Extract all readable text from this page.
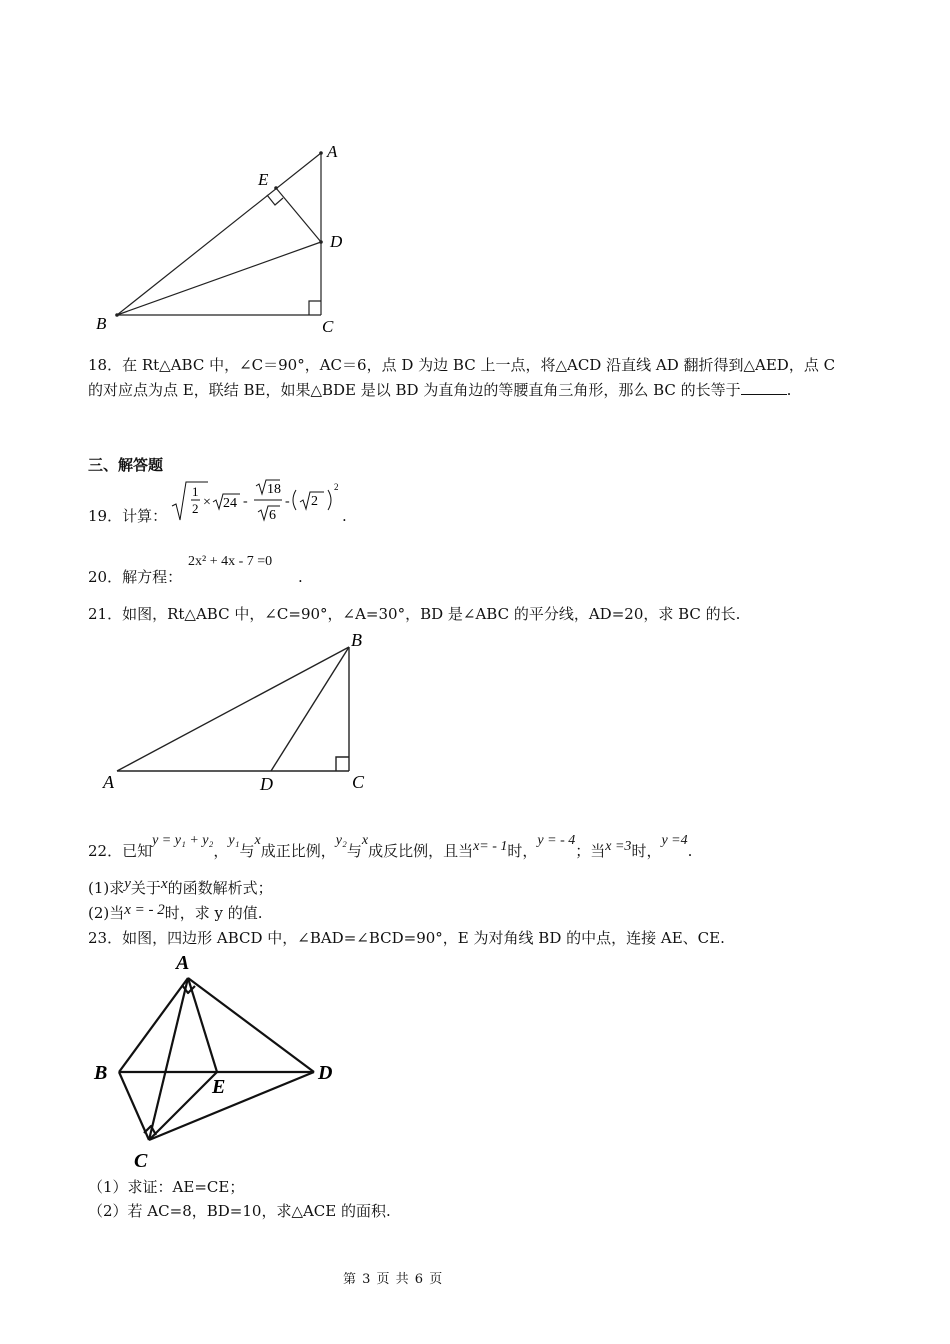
A
E
D
B	C
18．在 Rt△ABC 中，∠C＝90°，AC＝6，点 D 为边 BC 上一点，将△ACD 沿直线 AD 翻折得到△AED，点 C
的对应点为点 E，联结 BE，如果△BDE 是以 BD 为直角边的等腰直角三角形，那么 BC 的长等于	.
三、解答题
19．计算：
1
2 × 24 -
18
6
- 2
2
.
20．解方程：
2x² + 4x - 7 =0
.
21．如图，Rt△ABC 中，∠C=90°，∠A=30°，BD 是∠ABC 的平分线，AD=20，求 BC 的长.
B
A	D	C
22．已知y = y₁ + y₂，y₁与x成正比例，y₂与x成反比例，且当x= - 1时，y = - 4；当x =3时，y =4.
(1)求y关于x的函数解析式；
(2)当x = - 2时，求 y 的值.
23．如图，四边形 ABCD 中，∠BAD=∠BCD=90°，E 为对角线 BD 的中点，连接 AE、CE.
A
B
E
D
C
（1）求证：AE=CE；
（2）若 AC=8，BD=10，求△ACE 的面积.
第 3 页 共 6 页
